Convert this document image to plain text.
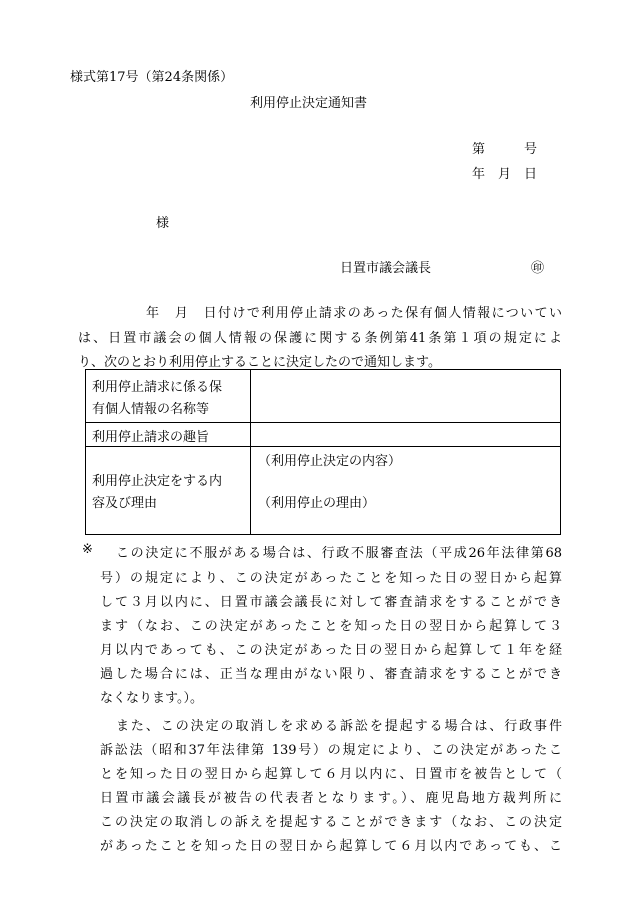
様式第17号（第24条関係）
利用停止決定通知書
第　　　号
年　月　日
様
日置市議会議長	㊞
年　月　日付けで利用停止請求のあった保有個人情報についてい
は、日置市議会の個人情報の保護に関する条例第41条第１項の規定によ
り、次のとおり利用停止することに決定したので通知します。
利用停止請求に係る保
有個人情報の名称等
利用停止請求の趣旨
利用停止決定をする内
容及び理由
（利用停止決定の内容）
（利用停止の理由）
※ この決定に不服がある場合は、行政不服審査法（平成26年法律第68
号）の規定により、この決定があったことを知った日の翌日から起算
して３月以内に、日置市議会議長に対して審査請求をすることができ
ます（なお、この決定があったことを知った日の翌日から起算して３
月以内であっても、この決定があった日の翌日から起算して１年を経
過した場合には、正当な理由がない限り、審査請求をすることができ
なくなります。）。
また、この決定の取消しを求める訴訟を提起する場合は、行政事件
訴訟法（昭和37年法律第 139号）の規定により、この決定があったこ
とを知った日の翌日から起算して６月以内に、日置市を被告として（
日置市議会議長が被告の代表者となります。）、鹿児島地方裁判所に
この決定の取消しの訴えを提起することができます（なお、この決定
があったことを知った日の翌日から起算して６月以内であっても、こ
